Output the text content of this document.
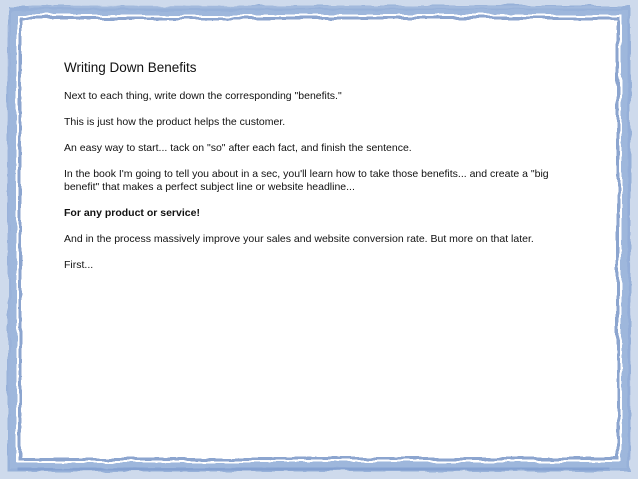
Writing Down Benefits

Next to each thing, write down the corresponding "benefits."

This is just how the product helps the customer.

An easy way to start... tack on "so" after each fact, and finish the sentence.

In the book I'm going to tell you about in a sec, you'll learn how to take those benefits... and create a "big benefit" that makes a perfect subject line or website headline...

For any product or service!

And in the process massively improve your sales and website conversion rate. But more on that later.

First...
